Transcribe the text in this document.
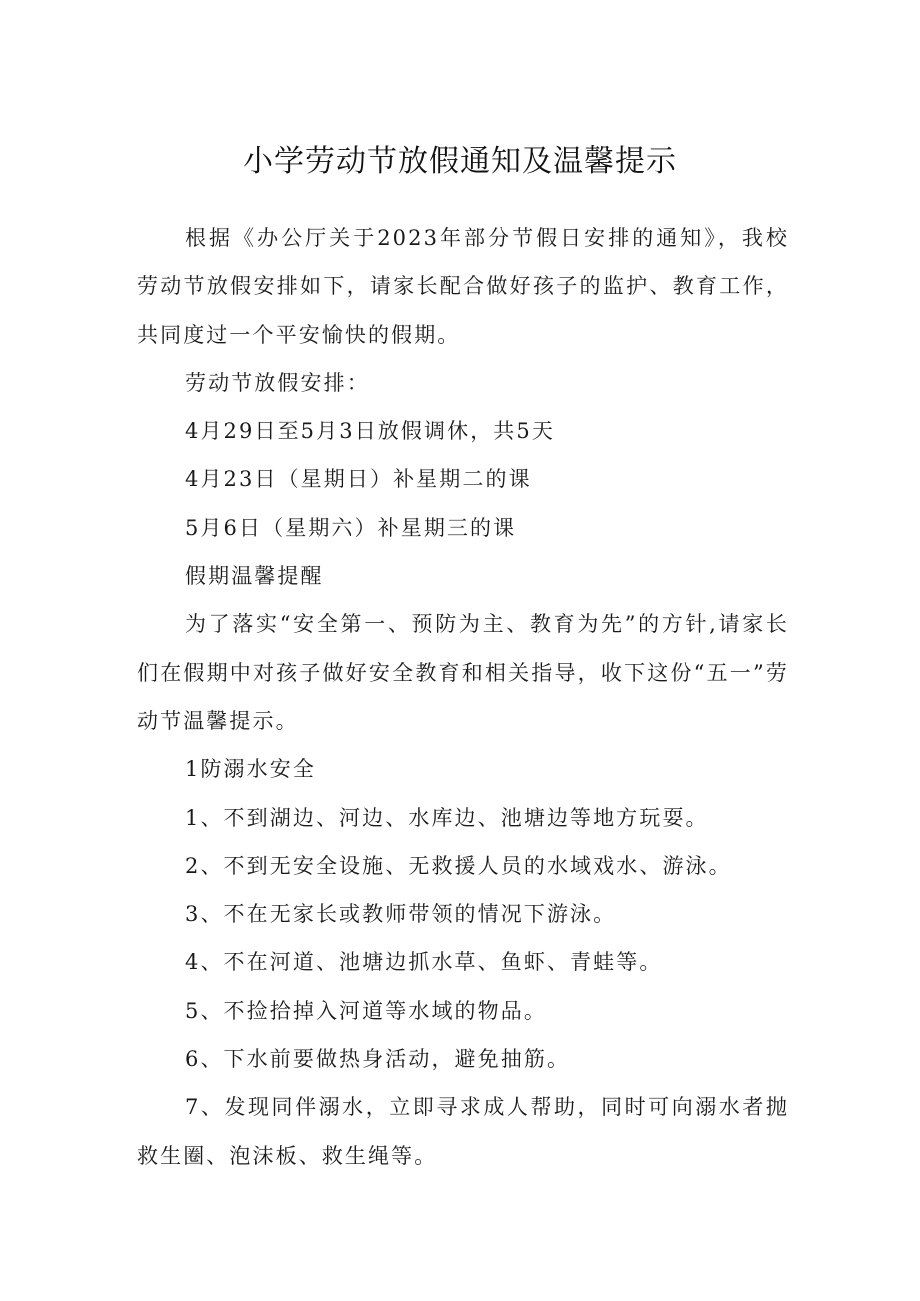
小学劳动节放假通知及温馨提示

根据《办公厅关于2023年部分节假日安排的通知》，我校劳动节放假安排如下，请家长配合做好孩子的监护、教育工作，共同度过一个平安愉快的假期。

劳动节放假安排：

4月29日至5月3日放假调休，共5天

4月23日（星期日）补星期二的课

5月6日（星期六）补星期三的课

假期温馨提醒

为了落实“安全第一、预防为主、教育为先”的方针,请家长们在假期中对孩子做好安全教育和相关指导，收下这份“五一”劳动节温馨提示。

1防溺水安全

1、不到湖边、河边、水库边、池塘边等地方玩耍。

2、不到无安全设施、无救援人员的水域戏水、游泳。

3、不在无家长或教师带领的情况下游泳。

4、不在河道、池塘边抓水草、鱼虾、青蛙等。

5、不捡拾掉入河道等水域的物品。

6、下水前要做热身活动，避免抽筋。

7、发现同伴溺水，立即寻求成人帮助，同时可向溺水者抛救生圈、泡沫板、救生绳等。
